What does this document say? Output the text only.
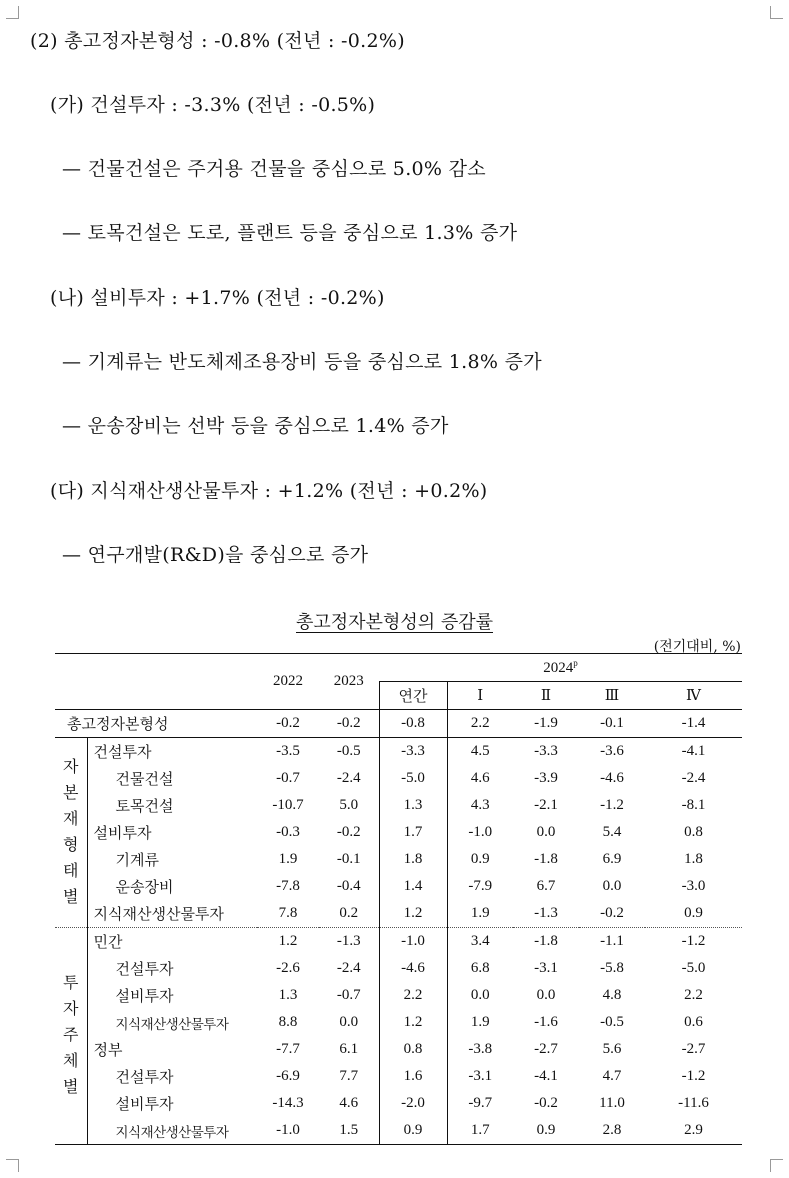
(2) 총고정자본형성 : -0.8% (전년 : -0.2%)
(가) 건설투자 : -3.3% (전년 : -0.5%)
— 건물건설은 주거용 건물을 중심으로 5.0% 감소
— 토목건설은 도로, 플랜트 등을 중심으로 1.3% 증가
(나) 설비투자 : +1.7% (전년 : -0.2%)
— 기계류는 반도체제조용장비 등을 중심으로 1.8% 증가
— 운송장비는 선박 등을 중심으로 1.4% 증가
(다) 지식재산생산물투자 : +1.2% (전년 : +0.2%)
— 연구개발(R&D)을 중심으로 증가
총고정자본형성의 증감률
(전기대비, %)
		2022	2023	2024$^p$
				연간	Ⅰ	Ⅱ	Ⅲ	Ⅳ
총고정자본형성		-0.2	-0.2	-0.8	2.2	-1.9	-0.1	-1.4
자본재형태별	건설투자	-3.5	-0.5	-3.3	4.5	-3.3	-3.6	-4.1
	건물건설	-0.7	-2.4	-5.0	4.6	-3.9	-4.6	-2.4
	토목건설	-10.7	5.0	1.3	4.3	-2.1	-1.2	-8.1
	설비투자	-0.3	-0.2	1.7	-1.0	0.0	5.4	0.8
	기계류	1.9	-0.1	1.8	0.9	-1.8	6.9	1.8
	운송장비	-7.8	-0.4	1.4	-7.9	6.7	0.0	-3.0
	지식재산생산물투자	7.8	0.2	1.2	1.9	-1.3	-0.2	0.9
투자주체별	민간	1.2	-1.3	-1.0	3.4	-1.8	-1.1	-1.2
	건설투자	-2.6	-2.4	-4.6	6.8	-3.1	-5.8	-5.0
	설비투자	1.3	-0.7	2.2	0.0	0.0	4.8	2.2
	지식재산생산물투자	8.8	0.0	1.2	1.9	-1.6	-0.5	0.6
	정부	-7.7	6.1	0.8	-3.8	-2.7	5.6	-2.7
	건설투자	-6.9	7.7	1.6	-3.1	-4.1	4.7	-1.2
	설비투자	-14.3	4.6	-2.0	-9.7	-0.2	11.0	-11.6
	지식재산생산물투자	-1.0	1.5	0.9	1.7	0.9	2.8	2.9
